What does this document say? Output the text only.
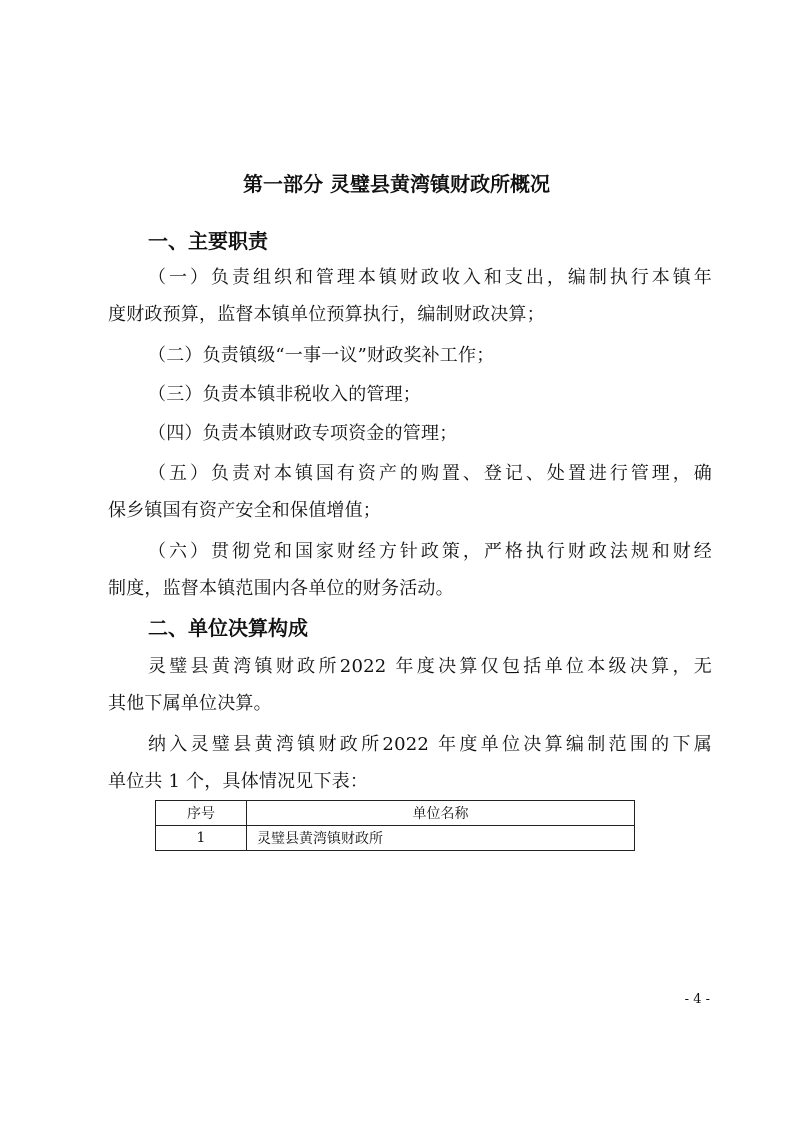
第一部分 灵璧县黄湾镇财政所概况
一、主要职责
（一）负责组织和管理本镇财政收入和支出，编制执行本镇年
度财政预算，监督本镇单位预算执行，编制财政决算；
（二）负责镇级“一事一议”财政奖补工作；
（三）负责本镇非税收入的管理；
（四）负责本镇财政专项资金的管理；
（五）负责对本镇国有资产的购置、登记、处置进行管理，确
保乡镇国有资产安全和保值增值；
（六）贯彻党和国家财经方针政策，严格执行财政法规和财经
制度，监督本镇范围内各单位的财务活动。
二、单位决算构成
灵璧县黄湾镇财政所2022 年度决算仅包括单位本级决算，无
其他下属单位决算。
纳入灵璧县黄湾镇财政所2022 年度单位决算编制范围的下属
单位共 1 个，具体情况见下表：
序号	单位名称
1	灵璧县黄湾镇财政所
- 4 -
